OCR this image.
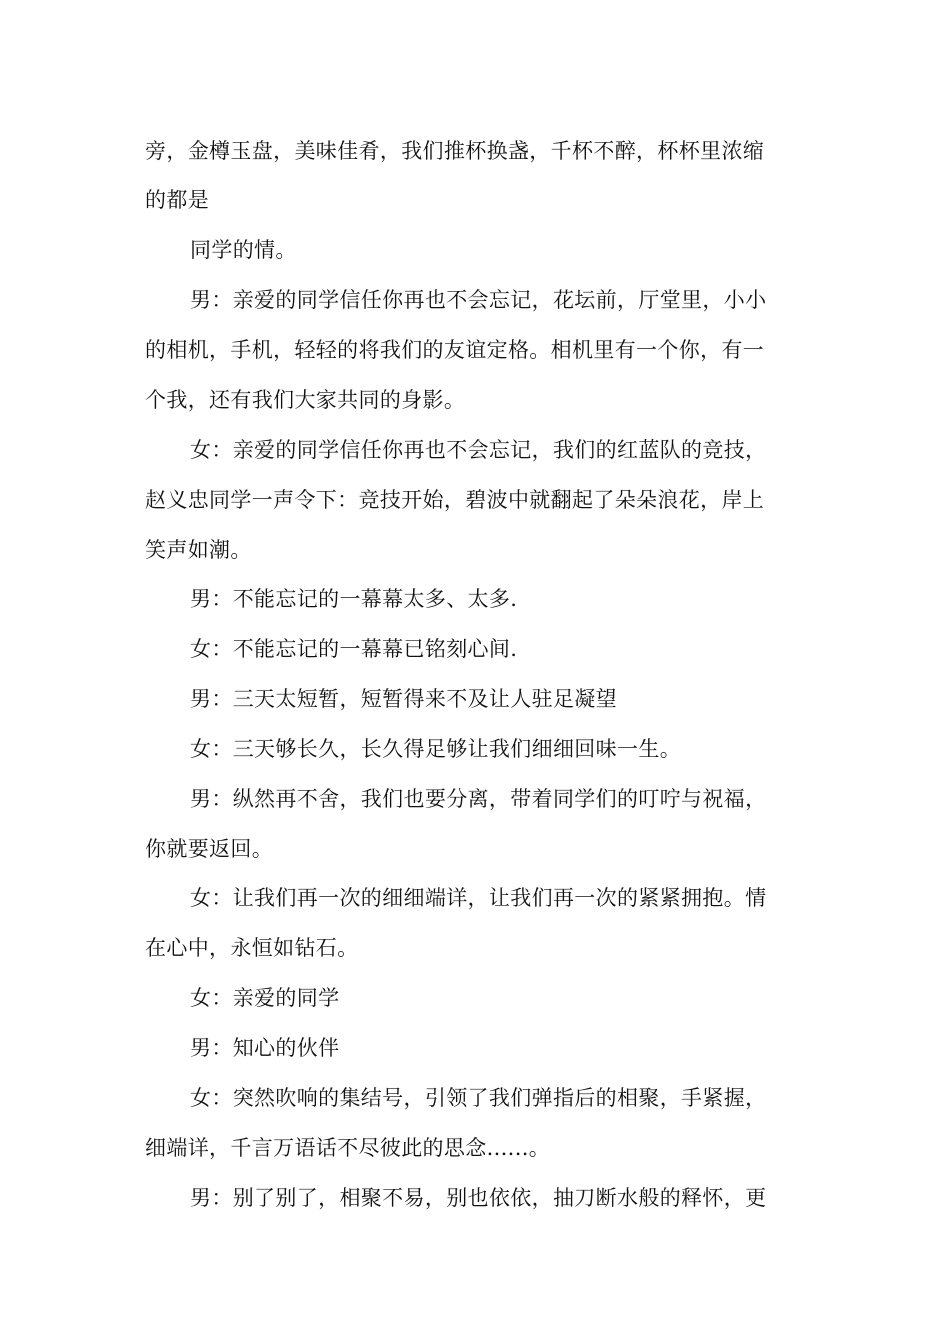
旁，金樽玉盘，美味佳肴，我们推杯换盏，千杯不醉，杯杯里浓缩
的都是
同学的情。
男：亲爱的同学信任你再也不会忘记，花坛前，厅堂里，小小
的相机，手机，轻轻的将我们的友谊定格。相机里有一个你，有一
个我，还有我们大家共同的身影。
女：亲爱的同学信任你再也不会忘记，我们的红蓝队的竞技，
赵义忠同学一声令下：竞技开始，碧波中就翻起了朵朵浪花，岸上
笑声如潮。
男：不能忘记的一幕幕太多、太多.
女：不能忘记的一幕幕已铭刻心间.
男：三天太短暂，短暂得来不及让人驻足凝望
女：三天够长久，长久得足够让我们细细回味一生。
男：纵然再不舍，我们也要分离，带着同学们的叮咛与祝福，
你就要返回。
女：让我们再一次的细细端详，让我们再一次的紧紧拥抱。情
在心中，永恒如钻石。
女：亲爱的同学
男：知心的伙伴
女：突然吹响的集结号，引领了我们弹指后的相聚，手紧握，
细端详，千言万语话不尽彼此的思念......。
男：别了别了，相聚不易，别也依依，抽刀断水般的释怀，更
